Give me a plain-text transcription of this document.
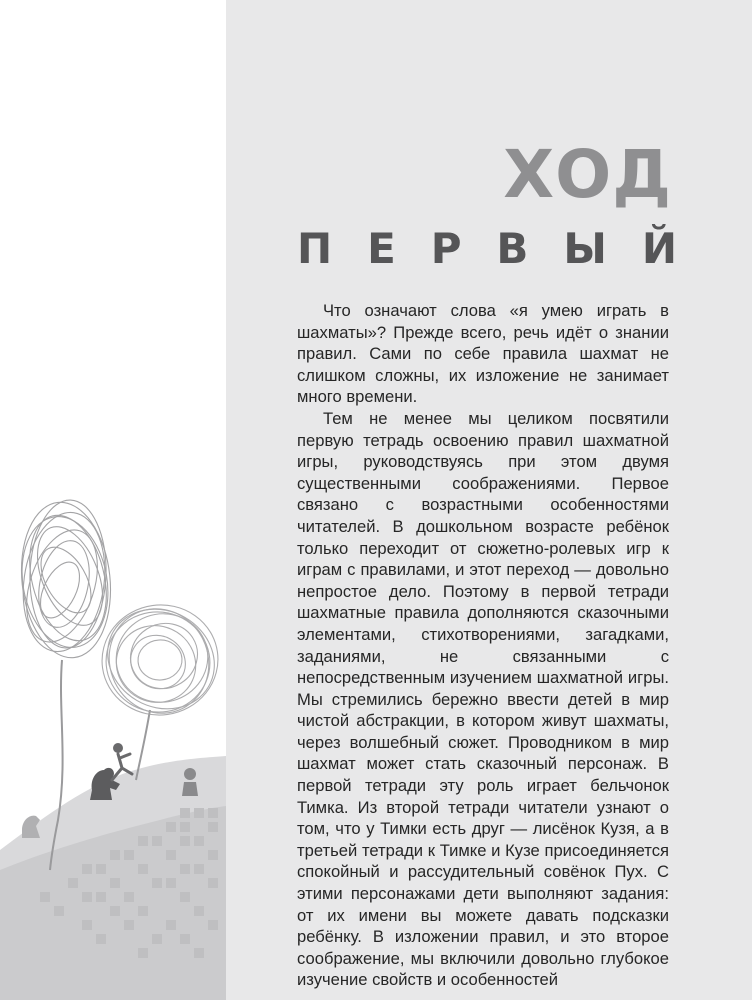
ХОД
П Е Р В Ы Й

Что означают слова «я умею играть в шахматы»? Прежде всего, речь идёт о знании правил. Сами по себе правила шахмат не слишком сложны, их изложение не занимает много времени.

Тем не менее мы целиком посвятили первую тетрадь освоению правил шахматной игры, руководствуясь при этом двумя существенными соображениями. Первое связано с возрастными особенностями читателей. В дошкольном возрасте ребёнок только переходит от сюжетно-ролевых игр к играм с правилами, и этот переход — довольно непростое дело. Поэтому в первой тетради шахматные правила дополняются сказочными элементами, стихотворениями, загадками, заданиями, не связанными с непосредственным изучением шахматной игры. Мы стремились бережно ввести детей в мир чистой абстракции, в котором живут шахматы, через волшебный сюжет. Проводником в мир шахмат может стать сказочный персонаж. В первой тетради эту роль играет бельчонок Тимка. Из второй тетради читатели узнают о том, что у Тимки есть друг — лисёнок Кузя, а в третьей тетради к Тимке и Кузе присоединяется спокойный и рассудительный совёнок Пух. С этими персонажами дети выполняют задания: от их имени вы можете давать подсказки ребёнку. В изложении правил, и это второе соображение, мы включили довольно глубокое изучение свойств и особенностей
